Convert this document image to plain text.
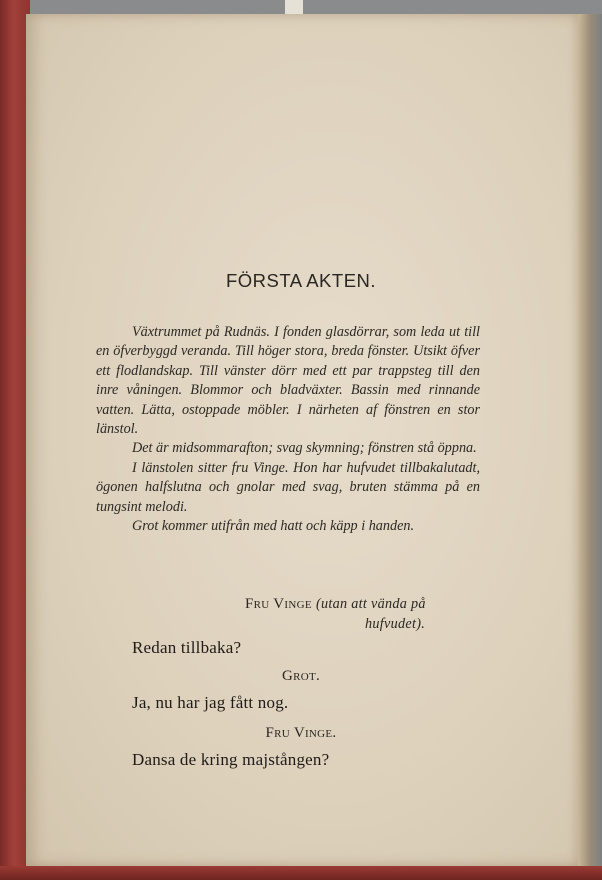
FÖRSTA AKTEN.

Växtrummet på Rudnäs. I fonden glasdörrar, som leda ut till en öfverbyggd veranda. Till höger stora, breda fönster. Utsikt öfver ett flodlandskap. Till vänster dörr med ett par trappsteg till den inre våningen. Blommor och bladväxter. Bassin med rinnande vatten. Lätta, ostoppade möbler. I närheten af fönstren en stor länstol.

Det är midsommarafton; svag skymning; fönstren stå öppna.

I länstolen sitter fru Vinge. Hon har hufvudet tillbakalutadt, ögonen halfslutna och gnolar med svag, bruten stämma på en tungsint melodi.

Grot kommer utifrån med hatt och käpp i handen.

Fru Vinge (utan att vända på
hufvudet).
Redan tillbaka?
Grot.
Ja, nu har jag fått nog.
Fru Vinge.
Dansa de kring majstången?
